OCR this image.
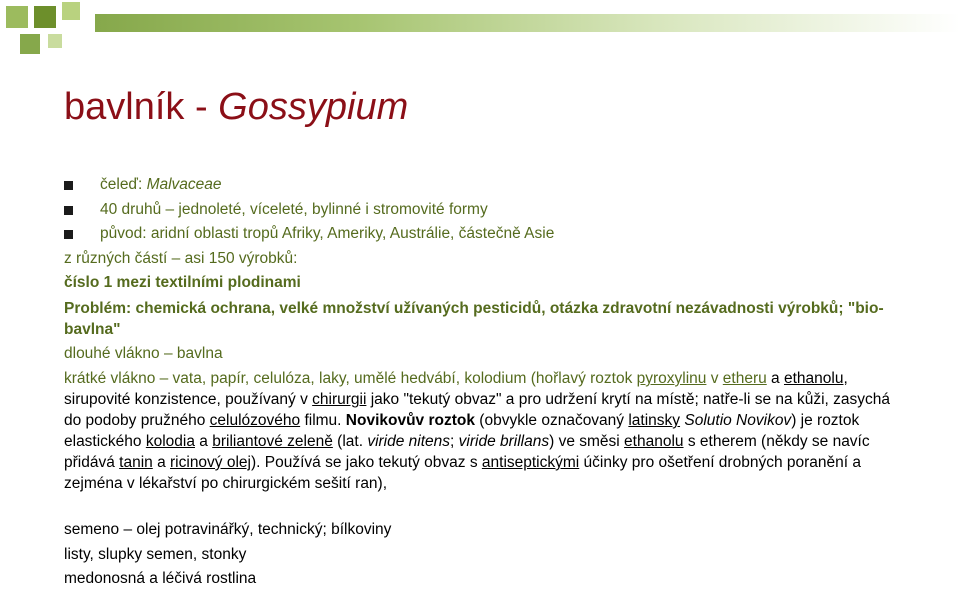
bavlník - Gossypium
čeleď: Malvaceae
40 druhů – jednoleté, víceleté, bylinné i stromovité formy
původ: aridní oblasti tropů Afriky, Ameriky, Austrálie, částečně Asie
z různých částí – asi 150 výrobků:
číslo 1 mezi textilními plodinami
Problém: chemická ochrana, velké množství užívaných pesticidů, otázka zdravotní nezávadnosti výrobků; "bio-bavlna"
dlouhé vlákno – bavlna
krátké vlákno – vata, papír, celulóza, laky, umělé hedvábí, kolodium (hořlavý roztok pyroxylinu v etheru a ethanolu, sirupovité konzistence, používaný v chirurgii jako "tekutý obvaz" a pro udržení krytí na místě; natře-li se na kůži, zasychá do podoby pružného celulózového filmu. Novikovův roztok (obvykle označovaný latinsky Solutio Novikov) je roztok elastického kolodia a briliantové zeleně (lat. viride nitens; viride brillans) ve směsi ethanolu s etherem (někdy se navíc přidává tanin a ricinový olej). Používá se jako tekutý obvaz s antiseptickými účinky pro ošetření drobných poranění a zejména v lékařství po chirurgickém sešití ran),
semeno – olej potravinářký, technický; bílkoviny
listy, slupky semen, stonky
medonosná a léčivá rostlina
